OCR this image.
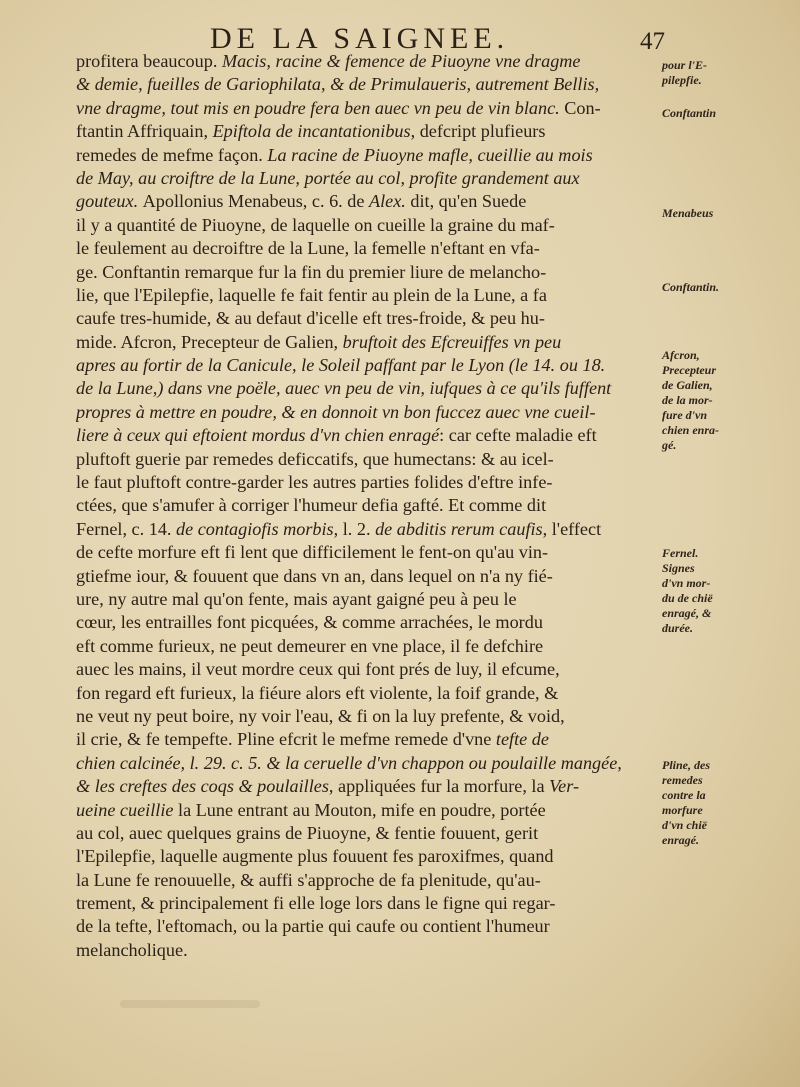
DE LA SAIGNEE.	47
profitera beaucoup. Macis, racine & femence de Piuoyne vne dragme
& demie, fueilles de Gariophilata, & de Primulaueris, autrement Bellis,
vne dragme, tout mis en poudre fera ben auec vn peu de vin blanc. Con-
ftantin Affriquain, Epiftola de incantationibus, defcript plufieurs
remedes de mefme façon. La racine de Piuoyne mafle, cueillie au mois
de May, au croiftre de la Lune, portée au col, profite grandement aux
gouteux. Apollonius Menabeus, c. 6. de Alex. dit, qu'en Suede
il y a quantité de Piuoyne, de laquelle on cueille la graine du maf-
le feulement au decroiftre de la Lune, la femelle n'eftant en vfa-
ge. Conftantin remarque fur la fin du premier liure de melancho-
lie, que l'Epilepfie, laquelle fe fait fentir au plein de la Lune, a fa
caufe tres-humide, & au defaut d'icelle eft tres-froide, & peu hu-
mide. Afcron, Precepteur de Galien, bruftoit des Efcreuiffes vn peu
apres au fortir de la Canicule, le Soleil paffant par le Lyon (le 14. ou 18.
de la Lune,) dans vne poële, auec vn peu de vin, iufques à ce qu'ils fuffent
propres à mettre en poudre, & en donnoit vn bon fuccez auec vne cueil-
liere à ceux qui eftoient mordus d'vn chien enragé: car cefte maladie eft
pluftoft guerie par remedes deficcatifs, que humectans: & au icel-
le faut pluftoft contre-garder les autres parties folides d'eftre infe-
ctées, que s'amufer à corriger l'humeur defia gafté. Et comme dit
Fernel, c. 14. de contagiofis morbis, l. 2. de abditis rerum caufis, l'effect
de cefte morfure eft fi lent que difficilement le fent-on qu'au vin-
gtiefme iour, & fouuent que dans vn an, dans lequel on n'a ny fié-
ure, ny autre mal qu'on fente, mais ayant gaigné peu à peu le
cœur, les entrailles font picquées, & comme arrachées, le mordu
eft comme furieux, ne peut demeurer en vne place, il fe defchire
auec les mains, il veut mordre ceux qui font prés de luy, il efcume,
fon regard eft furieux, la fiéure alors eft violente, la foif grande, &
ne veut ny peut boire, ny voir l'eau, & fi on la luy prefente, & void,
il crie, & fe tempefte. Pline efcrit le mefme remede d'vne tefte de
chien calcinée, l. 29. c. 5. & la ceruelle d'vn chappon ou poulaille mangée,
& les creftes des coqs & poulailles, appliquées fur la morfure, la Ver-
ueine cueillie la Lune entrant au Mouton, mife en poudre, portée
au col, auec quelques grains de Piuoyne, & fentie fouuent, gerit
l'Epilepfie, laquelle augmente plus fouuent fes paroxifmes, quand
la Lune fe renouuelle, & auffi s'approche de fa plenitude, qu'au-
trement, & principalement fi elle loge lors dans le figne qui regar-
de la tefte, l'eftomach, ou la partie qui caufe ou contient l'humeur
melancholique.
pour l'E-
pilepfie.
Conftantin
Menabeus
Conftantin.
Afcron,
Precepteur
de Galien,
de la mor-
fure d'vn
chien enra-
gé.
Fernel.
Signes
d'vn mor-
du de chië
enragé, &
durée.
Pline, des
remedes
contre la
morfure
d'vn chië
enragé.
